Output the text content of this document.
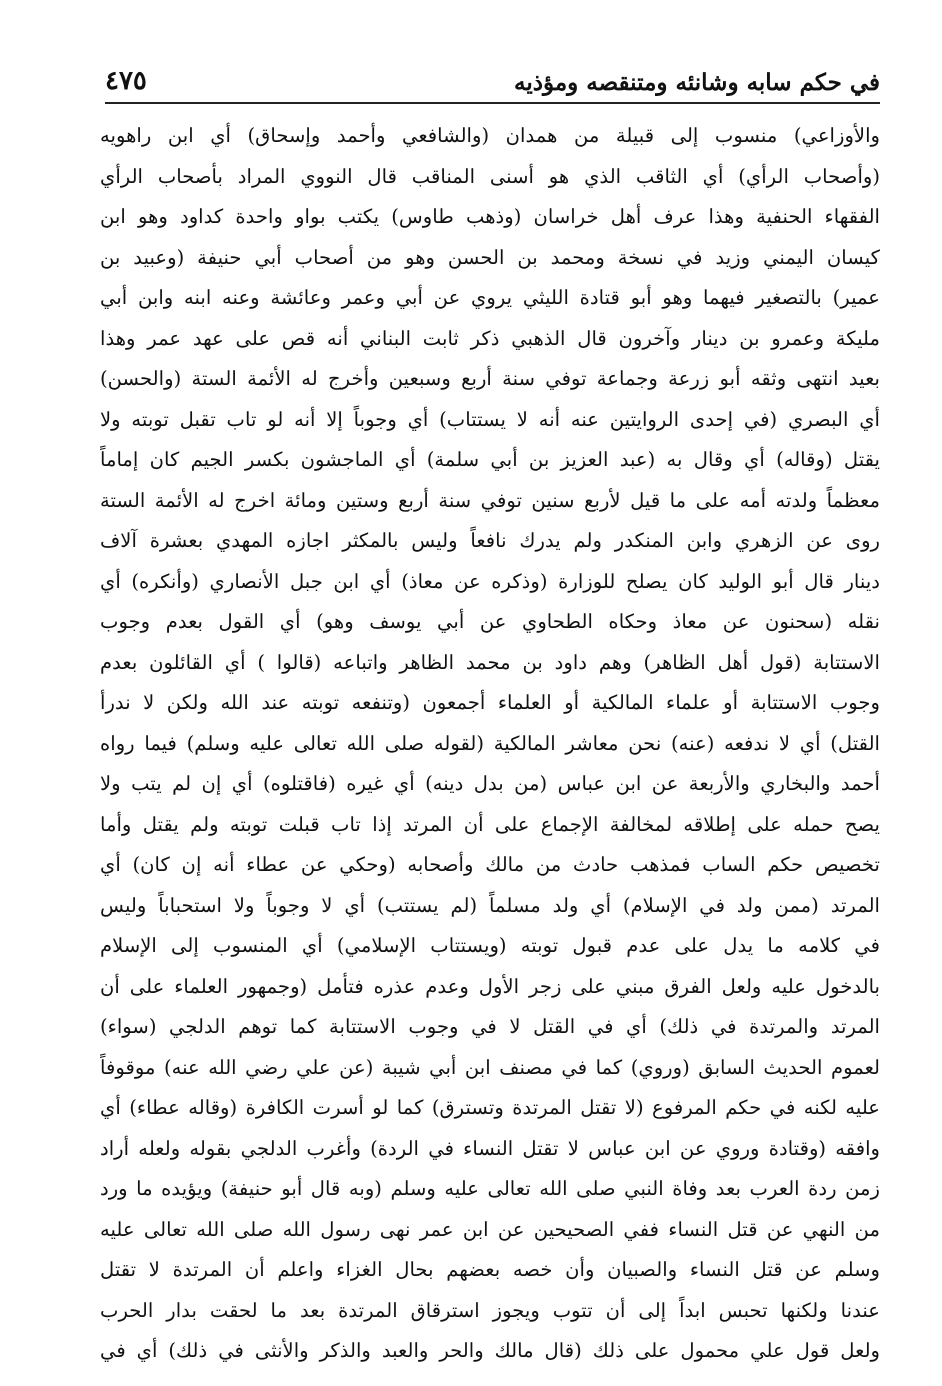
في حكم سابه وشانئه ومتنقصه ومؤذيه
٤٧٥
والأوزاعي) منسوب إلى قبيلة من همدان (والشافعي وأحمد وإسحاق) أي ابن راهويه
(وأصحاب الرأي) أي الثاقب الذي هو أسنى المناقب قال النووي المراد بأصحاب الرأي
الفقهاء الحنفية وهذا عرف أهل خراسان (وذهب طاوس) يكتب بواو واحدة كداود وهو ابن
كيسان اليمني وزيد في نسخة ومحمد بن الحسن وهو من أصحاب أبي حنيفة (وعبيد بن
عمير) بالتصغير فيهما وهو أبو قتادة الليثي يروي عن أبي وعمر وعائشة وعنه ابنه وابن أبي
مليكة وعمرو بن دينار وآخرون قال الذهبي ذكر ثابت البناني أنه قص على عهد عمر وهذا
بعيد انتهى وثقه أبو زرعة وجماعة توفي سنة أربع وسبعين وأخرج له الأئمة الستة (والحسن)
أي البصري (في إحدى الروايتين عنه أنه لا يستتاب) أي وجوباً إلا أنه لو تاب تقبل توبته ولا
يقتل (وقاله) أي وقال به (عبد العزيز بن أبي سلمة) أي الماجشون بكسر الجيم كان إماماً
معظماً ولدته أمه على ما قيل لأربع سنين توفي سنة أربع وستين ومائة اخرج له الأئمة الستة
روى عن الزهري وابن المنكدر ولم يدرك نافعاً وليس بالمكثر اجازه المهدي بعشرة آلاف
دينار قال أبو الوليد كان يصلح للوزارة (وذكره عن معاذ) أي ابن جبل الأنصاري (وأنكره) أي
نقله (سحنون عن معاذ وحكاه الطحاوي عن أبي يوسف وهو) أي القول بعدم وجوب
الاستتابة (قول أهل الظاهر) وهم داود بن محمد الظاهر واتباعه (قالوا ) أي القائلون بعدم
وجوب الاستتابة أو علماء المالكية أو العلماء أجمعون (وتنفعه توبته عند الله ولكن لا ندرأ
القتل) أي لا ندفعه (عنه) نحن معاشر المالكية (لقوله صلى الله تعالى عليه وسلم) فيما رواه
أحمد والبخاري والأربعة عن ابن عباس (من بدل دينه) أي غيره (فاقتلوه) أي إن لم يتب ولا
يصح حمله على إطلاقه لمخالفة الإجماع على أن المرتد إذا تاب قبلت توبته ولم يقتل وأما
تخصيص حكم الساب فمذهب حادث من مالك وأصحابه (وحكي عن عطاء أنه إن كان) أي
المرتد (ممن ولد في الإسلام) أي ولد مسلماً (لم يستتب) أي لا وجوباً ولا استحباباً وليس
في كلامه ما يدل على عدم قبول توبته (ويستتاب الإسلامي) أي المنسوب إلى الإسلام
بالدخول عليه ولعل الفرق مبني على زجر الأول وعدم عذره فتأمل (وجمهور العلماء على أن
المرتد والمرتدة في ذلك) أي في القتل لا في وجوب الاستتابة كما توهم الدلجي (سواء)
لعموم الحديث السابق (وروي) كما في مصنف ابن أبي شيبة (عن علي رضي الله عنه) موقوفاً
عليه لكنه في حكم المرفوع (لا تقتل المرتدة وتسترق) كما لو أسرت الكافرة (وقاله عطاء) أي
وافقه (وقتادة وروي عن ابن عباس لا تقتل النساء في الردة) وأغرب الدلجي بقوله ولعله أراد
زمن ردة العرب بعد وفاة النبي صلى الله تعالى عليه وسلم (وبه قال أبو حنيفة) ويؤيده ما ورد
من النهي عن قتل النساء ففي الصحيحين عن ابن عمر نهى رسول الله صلى الله تعالى عليه
وسلم عن قتل النساء والصبيان وأن خصه بعضهم بحال الغزاء واعلم أن المرتدة لا تقتل
عندنا ولكنها تحبس ابداً إلى أن تتوب ويجوز استرقاق المرتدة بعد ما لحقت بدار الحرب
ولعل قول علي محمول على ذلك (قال مالك والحر والعبد والذكر والأنثى في ذلك) أي في
